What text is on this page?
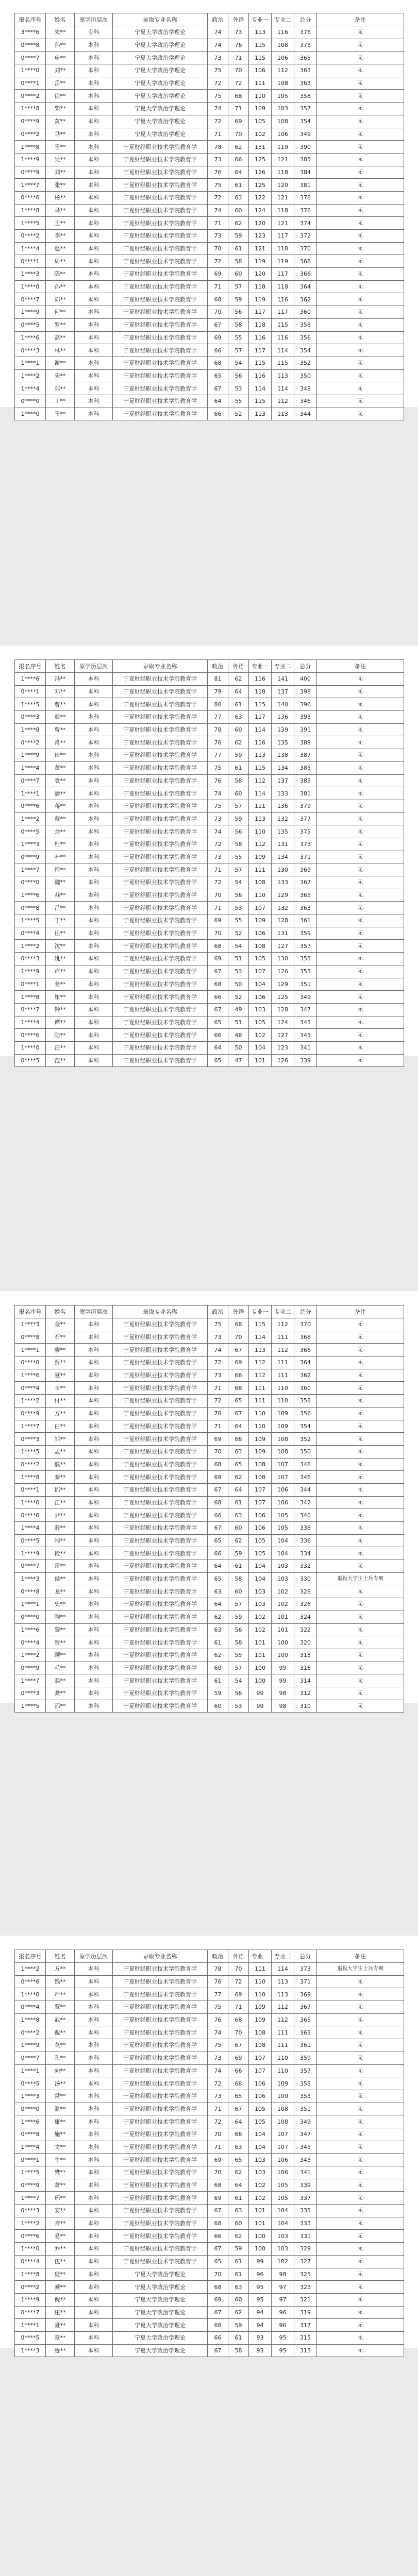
报名序号	姓名	原学历层次	录取专业名称	政治	外语	专业一	专业二	总分	备注
3****6	朱**	专科	宁夏大学政治学理论	74	73	113	116	376	无
0****8	孙**	本科	宁夏大学政治学理论	74	76	115	108	373	无
0****7	申**	本科	宁夏大学政治学理论	73	71	115	106	365	无
1****0	刘**	本科	宁夏大学政治学理论	75	70	106	112	363	无
0****1	岳**	本科	宁夏大学政治学理论	72	72	111	108	363	无
0****2	徐**	本科	宁夏大学政治学理论	75	68	110	105	358	无
1****8	柴**	本科	宁夏大学政治学理论	74	71	109	103	357	无
0****9	黄**	本科	宁夏大学政治学理论	72	69	105	108	354	无
0****2	马**	本科	宁夏大学政治学理论	71	70	102	106	349	无
1****8	王**	本科	宁夏财经职业技术学院教育学	78	62	131	119	390	无
1****9	吴**	本科	宁夏财经职业技术学院教育学	73	66	125	121	385	无
0****9	刘**	本科	宁夏财经职业技术学院教育学	76	64	126	118	384	无
1****7	张**	本科	宁夏财经职业技术学院教育学	75	61	125	120	381	无
0****6	杨**	本科	宁夏财经职业技术学院教育学	72	63	122	121	378	无
1****8	马**	本科	宁夏财经职业技术学院教育学	74	60	124	118	376	无
1****5	王**	本科	宁夏财经职业技术学院教育学	71	62	120	121	374	无
0****2	李**	本科	宁夏财经职业技术学院教育学	73	59	123	117	372	无
1****4	赵**	本科	宁夏财经职业技术学院教育学	70	61	121	118	370	无
0****1	周**	本科	宁夏财经职业技术学院教育学	72	58	119	119	368	无
1****3	陈**	本科	宁夏财经职业技术学院教育学	69	60	120	117	366	无
1****0	孙**	本科	宁夏财经职业技术学院教育学	71	57	118	118	364	无
0****7	郭**	本科	宁夏财经职业技术学院教育学	68	59	119	116	362	无
1****9	何**	本科	宁夏财经职业技术学院教育学	70	56	117	117	360	无
0****5	罗**	本科	宁夏财经职业技术学院教育学	67	58	118	115	358	无
1****6	高**	本科	宁夏财经职业技术学院教育学	69	55	116	116	356	无
0****3	林**	本科	宁夏财经职业技术学院教育学	66	57	117	114	354	无
1****1	谢**	本科	宁夏财经职业技术学院教育学	68	54	115	115	352	无
1****2	宋**	本科	宁夏财经职业技术学院教育学	65	56	116	113	350	无
1****4	郑**	本科	宁夏财经职业技术学院教育学	67	53	114	114	348	无
0****0	丁**	本科	宁夏财经职业技术学院教育学	64	55	115	112	346	无
1****0	王**	本科	宁夏财经职业技术学院教育学	66	52	113	113	344	无
报名序号	姓名	原学历层次	录取专业名称	政治	外语	专业一	专业二	总分	备注
1****6	冯**	本科	宁夏财经职业技术学院教育学	81	62	116	141	400	无
0****1	邓**	本科	宁夏财经职业技术学院教育学	79	64	118	137	398	无
1****5	曹**	本科	宁夏财经职业技术学院教育学	80	61	115	140	396	无
0****3	彭**	本科	宁夏财经职业技术学院教育学	77	63	117	136	393	无
1****8	曾**	本科	宁夏财经职业技术学院教育学	78	60	114	139	391	无
0****2	肖**	本科	宁夏财经职业技术学院教育学	76	62	116	135	389	无
1****9	田**	本科	宁夏财经职业技术学院教育学	77	59	113	138	387	无
1****4	董**	本科	宁夏财经职业技术学院教育学	75	61	115	134	385	无
0****7	袁**	本科	宁夏财经职业技术学院教育学	76	58	112	137	383	无
1****1	潘**	本科	宁夏财经职业技术学院教育学	74	60	114	133	381	无
0****6	蒋**	本科	宁夏财经职业技术学院教育学	75	57	111	136	379	无
1****2	蔡**	本科	宁夏财经职业技术学院教育学	73	59	113	132	377	无
0****5	余**	本科	宁夏财经职业技术学院教育学	74	56	110	135	375	无
1****3	杜**	本科	宁夏财经职业技术学院教育学	72	58	112	131	373	无
0****9	叶**	本科	宁夏财经职业技术学院教育学	73	55	109	134	371	无
1****7	程**	本科	宁夏财经职业技术学院教育学	71	57	111	130	369	无
0****0	魏**	本科	宁夏财经职业技术学院教育学	72	54	108	133	367	无
1****6	苏**	本科	宁夏财经职业技术学院教育学	70	56	110	129	365	无
0****8	吕**	本科	宁夏财经职业技术学院教育学	71	53	107	132	363	无
1****5	丁**	本科	宁夏财经职业技术学院教育学	69	55	109	128	361	无
0****4	任**	本科	宁夏财经职业技术学院教育学	70	52	106	131	359	无
1****2	沈**	本科	宁夏财经职业技术学院教育学	68	54	108	127	357	无
0****3	姚**	本科	宁夏财经职业技术学院教育学	69	51	105	130	355	无
1****9	卢**	本科	宁夏财经职业技术学院教育学	67	53	107	126	353	无
0****1	姜**	本科	宁夏财经职业技术学院教育学	68	50	104	129	351	无
1****8	崔**	本科	宁夏财经职业技术学院教育学	66	52	106	125	349	无
0****7	钟**	本科	宁夏财经职业技术学院教育学	67	49	103	128	347	无
1****4	谭**	本科	宁夏财经职业技术学院教育学	65	51	105	124	345	无
0****6	陆**	本科	宁夏财经职业技术学院教育学	66	48	102	127	343	无
1****0	汪**	本科	宁夏财经职业技术学院教育学	64	50	104	123	341	无
0****5	范**	本科	宁夏财经职业技术学院教育学	65	47	101	126	339	无
报名序号	姓名	原学历层次	录取专业名称	政治	外语	专业一	专业二	总分	备注
1****3	金**	本科	宁夏财经职业技术学院教育学	75	68	115	112	370	无
0****8	石**	本科	宁夏财经职业技术学院教育学	73	70	114	111	368	无
1****1	廖**	本科	宁夏财经职业技术学院教育学	74	67	113	112	366	无
0****0	贾**	本科	宁夏财经职业技术学院教育学	72	69	112	111	364	无
1****6	夏**	本科	宁夏财经职业技术学院教育学	73	66	112	111	362	无
0****4	韦**	本科	宁夏财经职业技术学院教育学	71	68	111	110	360	无
1****2	付**	本科	宁夏财经职业技术学院教育学	72	65	111	110	358	无
0****9	方**	本科	宁夏财经职业技术学院教育学	70	67	110	109	356	无
1****7	白**	本科	宁夏财经职业技术学院教育学	71	64	110	109	354	无
0****3	邹**	本科	宁夏财经职业技术学院教育学	69	66	109	108	352	无
1****5	孟**	本科	宁夏财经职业技术学院教育学	70	63	109	108	350	无
0****2	熊**	本科	宁夏财经职业技术学院教育学	68	65	108	107	348	无
1****8	秦**	本科	宁夏财经职业技术学院教育学	69	62	108	107	346	无
0****1	邱**	本科	宁夏财经职业技术学院教育学	67	64	107	106	344	无
1****0	江**	本科	宁夏财经职业技术学院教育学	68	61	107	106	342	无
0****6	尹**	本科	宁夏财经职业技术学院教育学	66	63	106	105	340	无
1****4	薛**	本科	宁夏财经职业技术学院教育学	67	60	106	105	338	无
0****5	闫**	本科	宁夏财经职业技术学院教育学	65	62	105	104	336	无
1****9	段**	本科	宁夏财经职业技术学院教育学	66	59	105	104	334	无
0****7	雷**	本科	宁夏财经职业技术学院教育学	64	61	104	103	332	无
1****3	侯**	本科	宁夏财经职业技术学院教育学	65	58	104	103	330	退役大学生士兵专项
0****8	龙**	本科	宁夏财经职业技术学院教育学	63	60	103	102	328	无
1****1	史**	本科	宁夏财经职业技术学院教育学	64	57	103	102	326	无
0****0	陶**	本科	宁夏财经职业技术学院教育学	62	59	102	101	324	无
1****6	黎**	本科	宁夏财经职业技术学院教育学	63	56	102	101	322	无
0****4	贺**	本科	宁夏财经职业技术学院教育学	61	58	101	100	320	无
1****2	顾**	本科	宁夏财经职业技术学院教育学	62	55	101	100	318	无
0****9	毛**	本科	宁夏财经职业技术学院教育学	60	57	100	99	316	无
1****7	郝**	本科	宁夏财经职业技术学院教育学	61	54	100	99	314	无
0****3	龚**	本科	宁夏财经职业技术学院教育学	59	56	99	98	312	无
1****5	邵**	本科	宁夏财经职业技术学院教育学	60	53	99	98	310	无
报名序号	姓名	原学历层次	录取专业名称	政治	外语	专业一	专业二	总分	备注
1****2	万**	本科	宁夏财经职业技术学院教育学	78	70	111	114	373	退役大学生士兵专项
0****6	钱**	本科	宁夏财经职业技术学院教育学	76	72	110	113	371	无
1****0	严**	本科	宁夏财经职业技术学院教育学	77	69	110	113	369	无
0****4	覃**	本科	宁夏财经职业技术学院教育学	75	71	109	112	367	无
1****8	武**	本科	宁夏财经职业技术学院教育学	76	68	109	112	365	无
0****2	戴**	本科	宁夏财经职业技术学院教育学	74	70	108	111	363	无
1****9	莫**	本科	宁夏财经职业技术学院教育学	75	67	108	111	361	无
0****7	孔**	本科	宁夏财经职业技术学院教育学	73	69	107	110	359	无
1****1	向**	本科	宁夏财经职业技术学院教育学	74	66	107	110	357	无
0****5	汤**	本科	宁夏财经职业技术学院教育学	72	68	106	109	355	无
1****3	常**	本科	宁夏财经职业技术学院教育学	73	65	106	109	353	无
0****0	温**	本科	宁夏财经职业技术学院教育学	71	67	105	108	351	无
1****6	康**	本科	宁夏财经职业技术学院教育学	72	64	105	108	349	无
0****8	施**	本科	宁夏财经职业技术学院教育学	70	66	104	107	347	无
1****4	文**	本科	宁夏财经职业技术学院教育学	71	63	104	107	345	无
0****1	牛**	本科	宁夏财经职业技术学院教育学	69	65	103	106	343	无
1****5	樊**	本科	宁夏财经职业技术学院教育学	70	62	103	106	341	无
0****9	葛**	本科	宁夏财经职业技术学院教育学	68	64	102	105	339	无
1****7	邢**	本科	宁夏财经职业技术学院教育学	69	61	102	105	337	无
0****3	安**	本科	宁夏财经职业技术学院教育学	67	63	101	104	335	无
1****2	齐**	本科	宁夏财经职业技术学院教育学	68	60	101	104	333	无
0****6	易**	本科	宁夏财经职业技术学院教育学	66	62	100	103	331	无
1****0	乔**	本科	宁夏财经职业技术学院教育学	67	59	100	103	329	无
0****4	伍**	本科	宁夏财经职业技术学院教育学	65	61	99	102	327	无
1****8	庞**	本科	宁夏大学政治学理论	70	61	96	98	325	无
0****2	颜**	本科	宁夏大学政治学理论	68	63	95	97	323	无
1****9	倪**	本科	宁夏大学政治学理论	69	60	95	97	321	无
0****7	庄**	本科	宁夏大学政治学理论	67	62	94	96	319	无
1****1	聂**	本科	宁夏大学政治学理论	68	59	94	96	317	无
0****5	章**	本科	宁夏大学政治学理论	66	61	93	95	315	无
1****3	鲁**	本科	宁夏大学政治学理论	67	58	93	95	313	无
